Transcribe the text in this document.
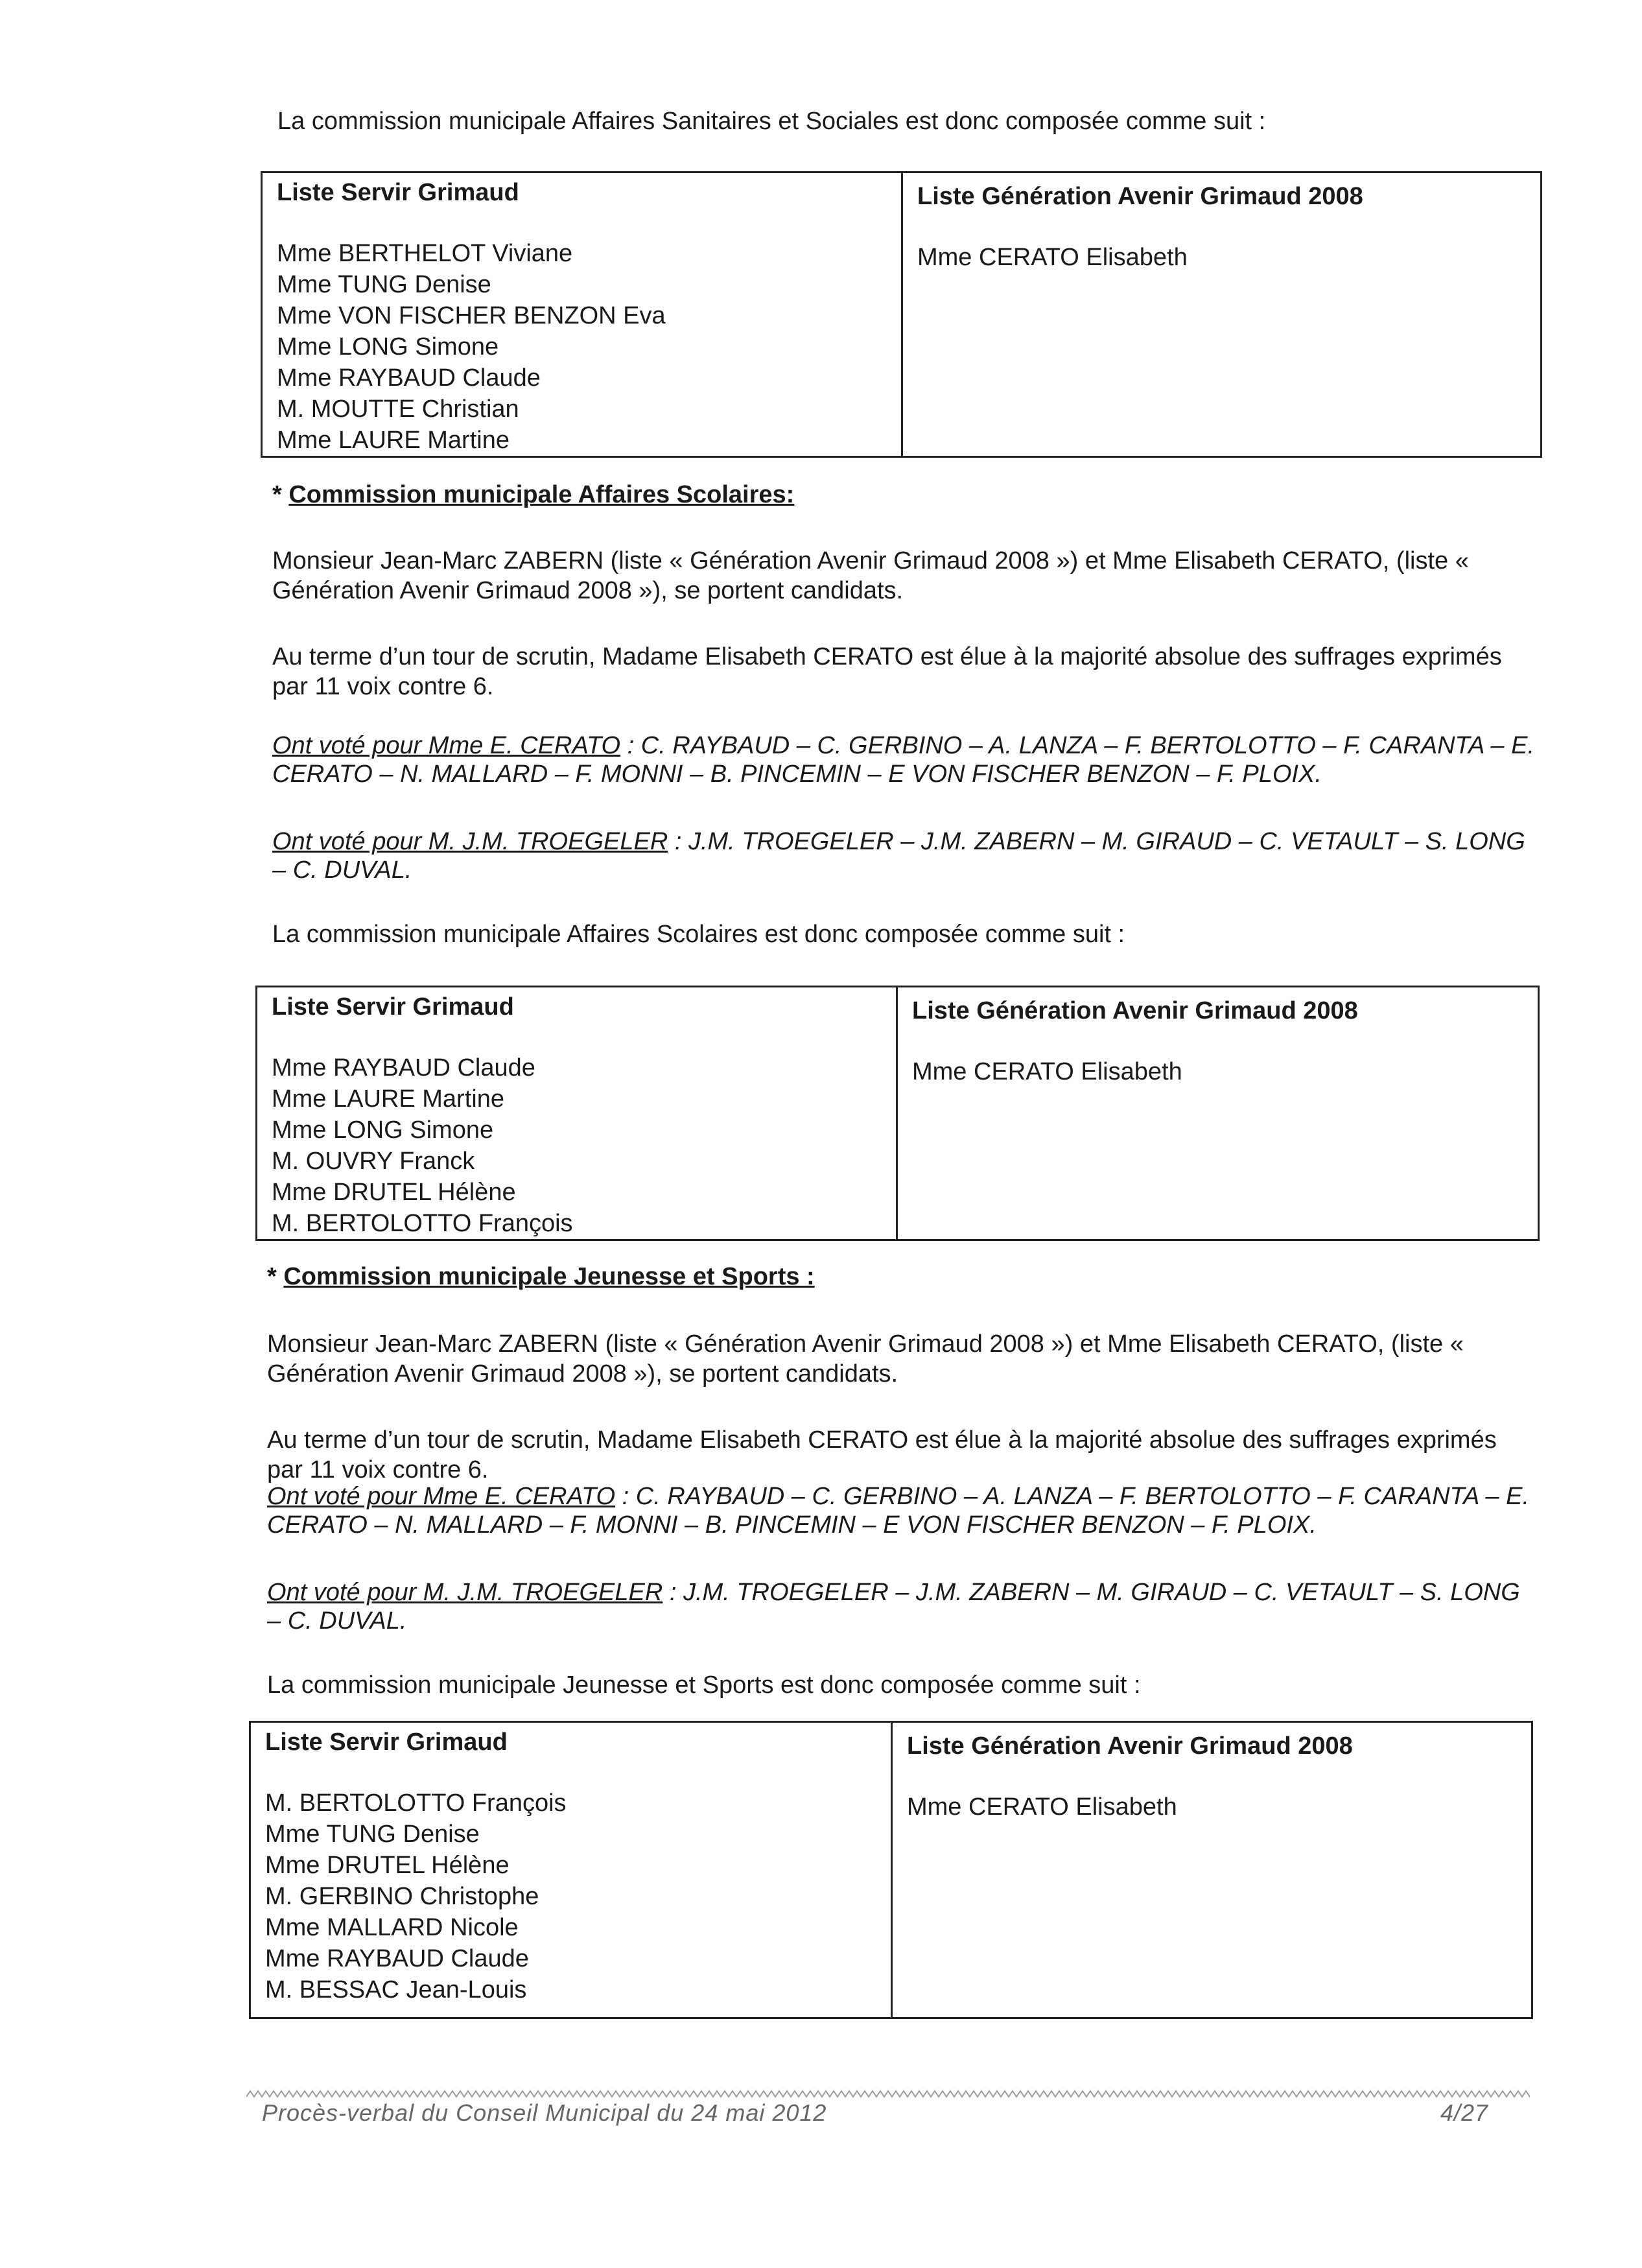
La commission municipale Affaires Sanitaires et Sociales est donc composée comme suit :

Liste Servir Grimaud
Mme BERTHELOT Viviane
Mme TUNG Denise
Mme VON FISCHER BENZON Eva
Mme LONG Simone
Mme RAYBAUD Claude
M. MOUTTE Christian
Mme LAURE Martine

Liste Génération Avenir Grimaud 2008
Mme CERATO Elisabeth

* Commission municipale Affaires Scolaires:

Monsieur Jean-Marc ZABERN (liste « Génération Avenir Grimaud 2008 ») et Mme Elisabeth CERATO, (liste « Génération Avenir Grimaud 2008 »), se portent candidats.

Au terme d’un tour de scrutin, Madame Elisabeth CERATO est élue à la majorité absolue des suffrages exprimés par 11 voix contre 6.

Ont voté pour Mme E. CERATO : C. RAYBAUD – C. GERBINO – A. LANZA – F. BERTOLOTTO – F. CARANTA – E. CERATO – N. MALLARD – F. MONNI – B. PINCEMIN – E VON FISCHER BENZON – F. PLOIX.

Ont voté pour M. J.M. TROEGELER : J.M. TROEGELER – J.M. ZABERN – M. GIRAUD – C. VETAULT – S. LONG – C. DUVAL.

La commission municipale Affaires Scolaires est donc composée comme suit :

Liste Servir Grimaud
Mme RAYBAUD Claude
Mme LAURE Martine
Mme LONG Simone
M. OUVRY Franck
Mme DRUTEL Hélène
M. BERTOLOTTO François

Liste Génération Avenir Grimaud 2008
Mme CERATO Elisabeth

* Commission municipale Jeunesse et Sports :

Monsieur Jean-Marc ZABERN (liste « Génération Avenir Grimaud 2008 ») et Mme Elisabeth CERATO, (liste « Génération Avenir Grimaud 2008 »), se portent candidats.

Au terme d’un tour de scrutin, Madame Elisabeth CERATO est élue à la majorité absolue des suffrages exprimés par 11 voix contre 6.

Ont voté pour Mme E. CERATO : C. RAYBAUD – C. GERBINO – A. LANZA – F. BERTOLOTTO – F. CARANTA – E. CERATO – N. MALLARD – F. MONNI – B. PINCEMIN – E VON FISCHER BENZON – F. PLOIX.

Ont voté pour M. J.M. TROEGELER : J.M. TROEGELER – J.M. ZABERN – M. GIRAUD – C. VETAULT – S. LONG – C. DUVAL.

La commission municipale Jeunesse et Sports est donc composée comme suit :

Liste Servir Grimaud
M. BERTOLOTTO François
Mme TUNG Denise
Mme DRUTEL Hélène
M. GERBINO Christophe
Mme MALLARD Nicole
Mme RAYBAUD Claude
M. BESSAC Jean-Louis

Liste Génération Avenir Grimaud 2008
Mme CERATO Elisabeth
Procès-verbal du Conseil Municipal du 24 mai 2012	4/27
